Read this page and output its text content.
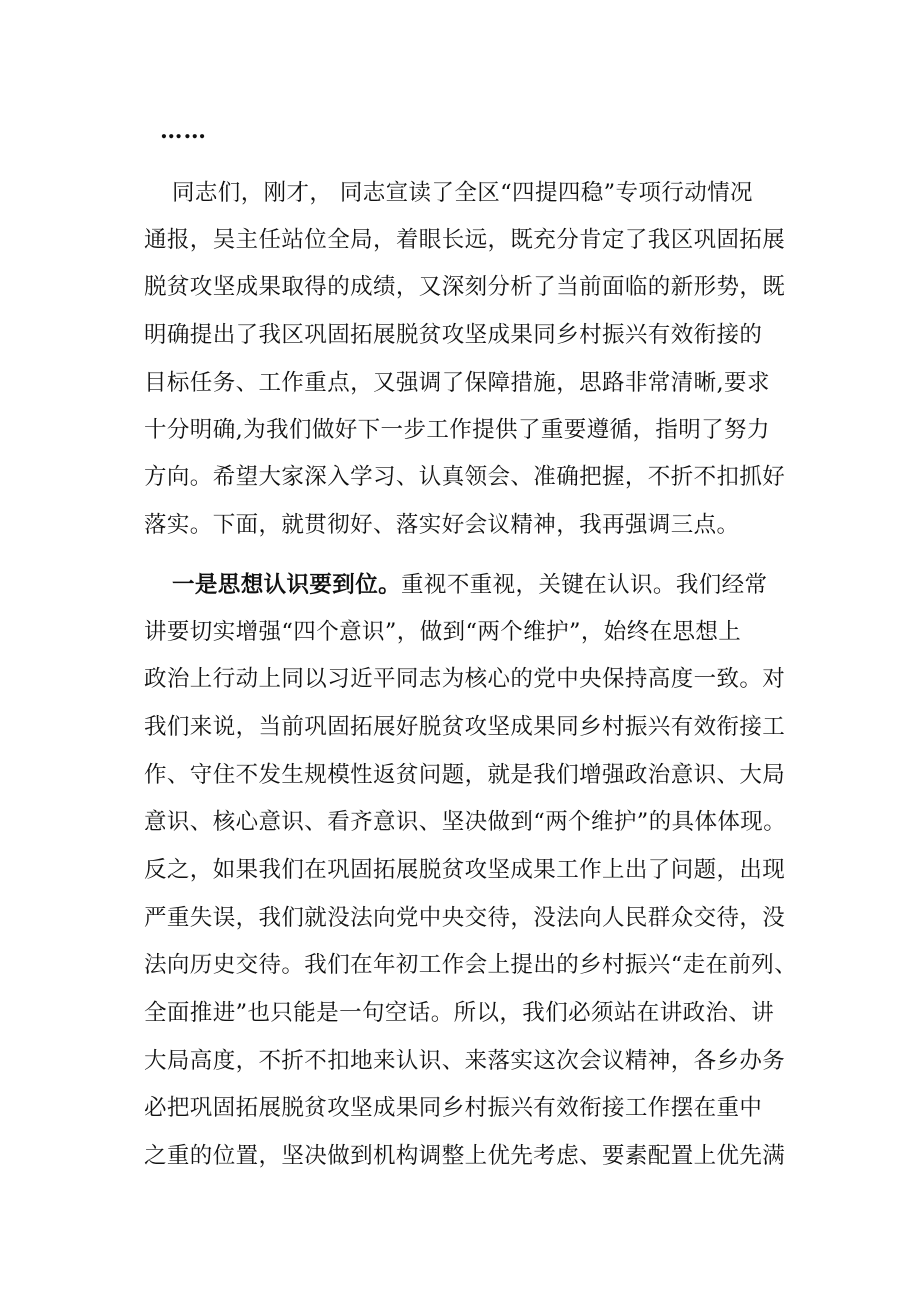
……
同志们，刚才， 同志宣读了全区“四提四稳”专项行动情况
通报，吴主任站位全局，着眼长远，既充分肯定了我区巩固拓展
脱贫攻坚成果取得的成绩，又深刻分析了当前面临的新形势，既
明确提出了我区巩固拓展脱贫攻坚成果同乡村振兴有效衔接的
目标任务、工作重点，又强调了保障措施，思路非常清晰,要求
十分明确,为我们做好下一步工作提供了重要遵循，指明了努力
方向。希望大家深入学习、认真领会、准确把握，不折不扣抓好
落实。下面，就贯彻好、落实好会议精神，我再强调三点。
一是思想认识要到位。重视不重视，关键在认识。我们经常
讲要切实增强“四个意识”，做到“两个维护”，始终在思想上
政治上行动上同以习近平同志为核心的党中央保持高度一致。对
我们来说，当前巩固拓展好脱贫攻坚成果同乡村振兴有效衔接工
作、守住不发生规模性返贫问题，就是我们增强政治意识、大局
意识、核心意识、看齐意识、坚决做到“两个维护”的具体体现。
反之，如果我们在巩固拓展脱贫攻坚成果工作上出了问题，出现
严重失误，我们就没法向党中央交待，没法向人民群众交待，没
法向历史交待。我们在年初工作会上提出的乡村振兴“走在前列、
全面推进”也只能是一句空话。所以，我们必须站在讲政治、讲
大局高度，不折不扣地来认识、来落实这次会议精神，各乡办务
必把巩固拓展脱贫攻坚成果同乡村振兴有效衔接工作摆在重中
之重的位置，坚决做到机构调整上优先考虑、要素配置上优先满
